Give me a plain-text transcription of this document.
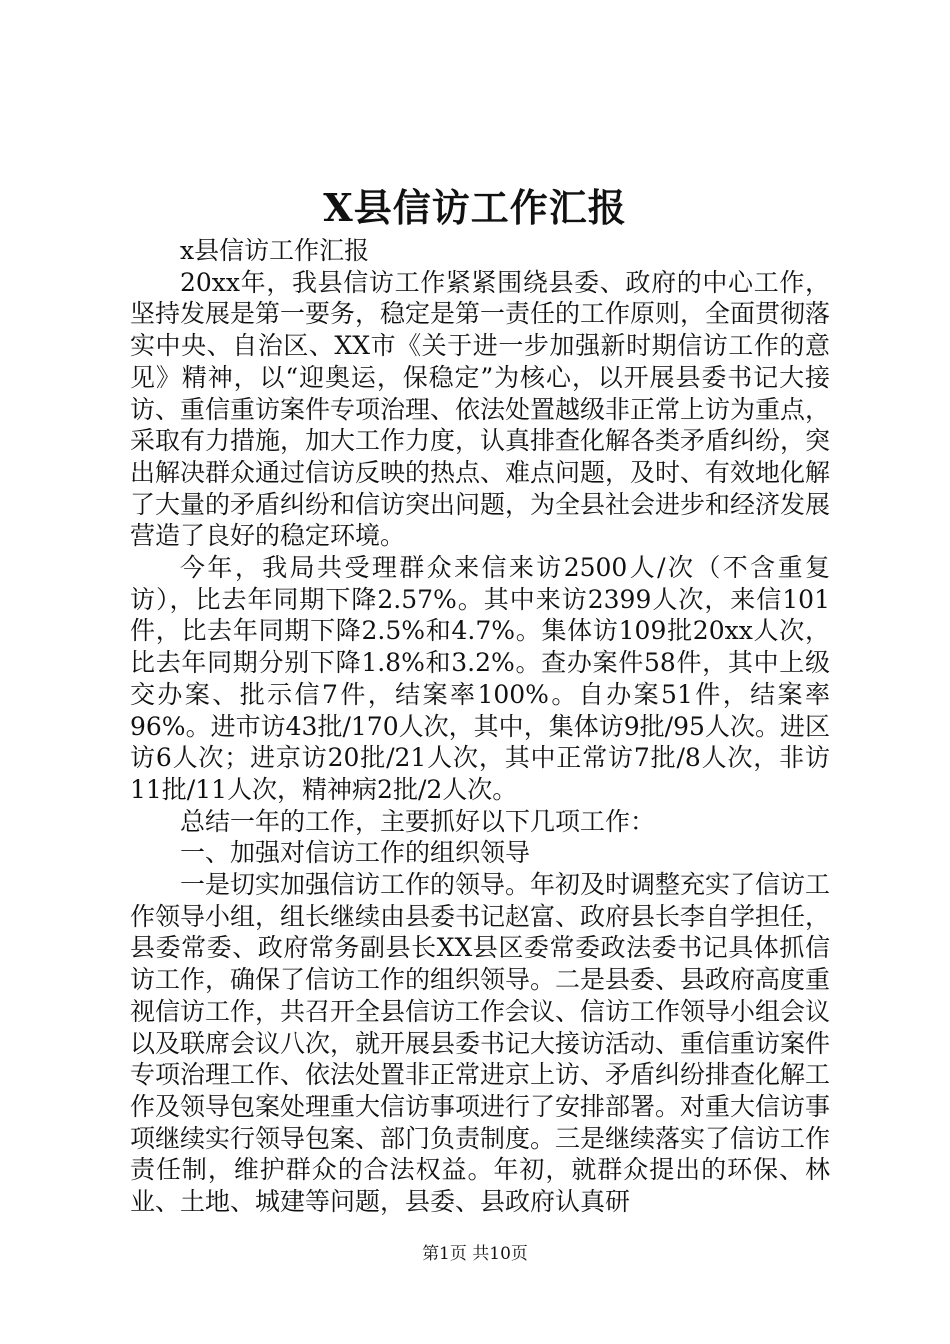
X县信访工作汇报

x县信访工作汇报

20xx年，我县信访工作紧紧围绕县委、政府的中心工作，坚持发展是第一要务，稳定是第一责任的工作原则，全面贯彻落实中央、自治区、XX市《关于进一步加强新时期信访工作的意见》精神，以“迎奥运，保稳定”为核心，以开展县委书记大接访、重信重访案件专项治理、依法处置越级非正常上访为重点，采取有力措施，加大工作力度，认真排查化解各类矛盾纠纷，突出解决群众通过信访反映的热点、难点问题，及时、有效地化解了大量的矛盾纠纷和信访突出问题，为全县社会进步和经济发展营造了良好的稳定环境。

今年，我局共受理群众来信来访2500人/次（不含重复访），比去年同期下降2.57%。其中来访2399人次，来信101件，比去年同期下降2.5%和4.7%。集体访109批20xx人次，比去年同期分别下降1.8%和3.2%。查办案件58件，其中上级交办案、批示信7件，结案率100%。自办案51件，结案率96%。进市访43批/170人次，其中，集体访9批/95人次。进区访6人次；进京访20批/21人次，其中正常访7批/8人次，非访11批/11人次，精神病2批/2人次。

总结一年的工作，主要抓好以下几项工作：

一、加强对信访工作的组织领导

一是切实加强信访工作的领导。年初及时调整充实了信访工作领导小组，组长继续由县委书记赵富、政府县长李自学担任，县委常委、政府常务副县长XX县区委常委政法委书记具体抓信访工作，确保了信访工作的组织领导。二是县委、县政府高度重视信访工作，共召开全县信访工作会议、信访工作领导小组会议以及联席会议八次，就开展县委书记大接访活动、重信重访案件专项治理工作、依法处置非正常进京上访、矛盾纠纷排查化解工作及领导包案处理重大信访事项进行了安排部署。对重大信访事项继续实行领导包案、部门负责制度。三是继续落实了信访工作责任制，维护群众的合法权益。年初，就群众提出的环保、林业、土地、城建等问题，县委、县政府认真研

第1页 共10页
